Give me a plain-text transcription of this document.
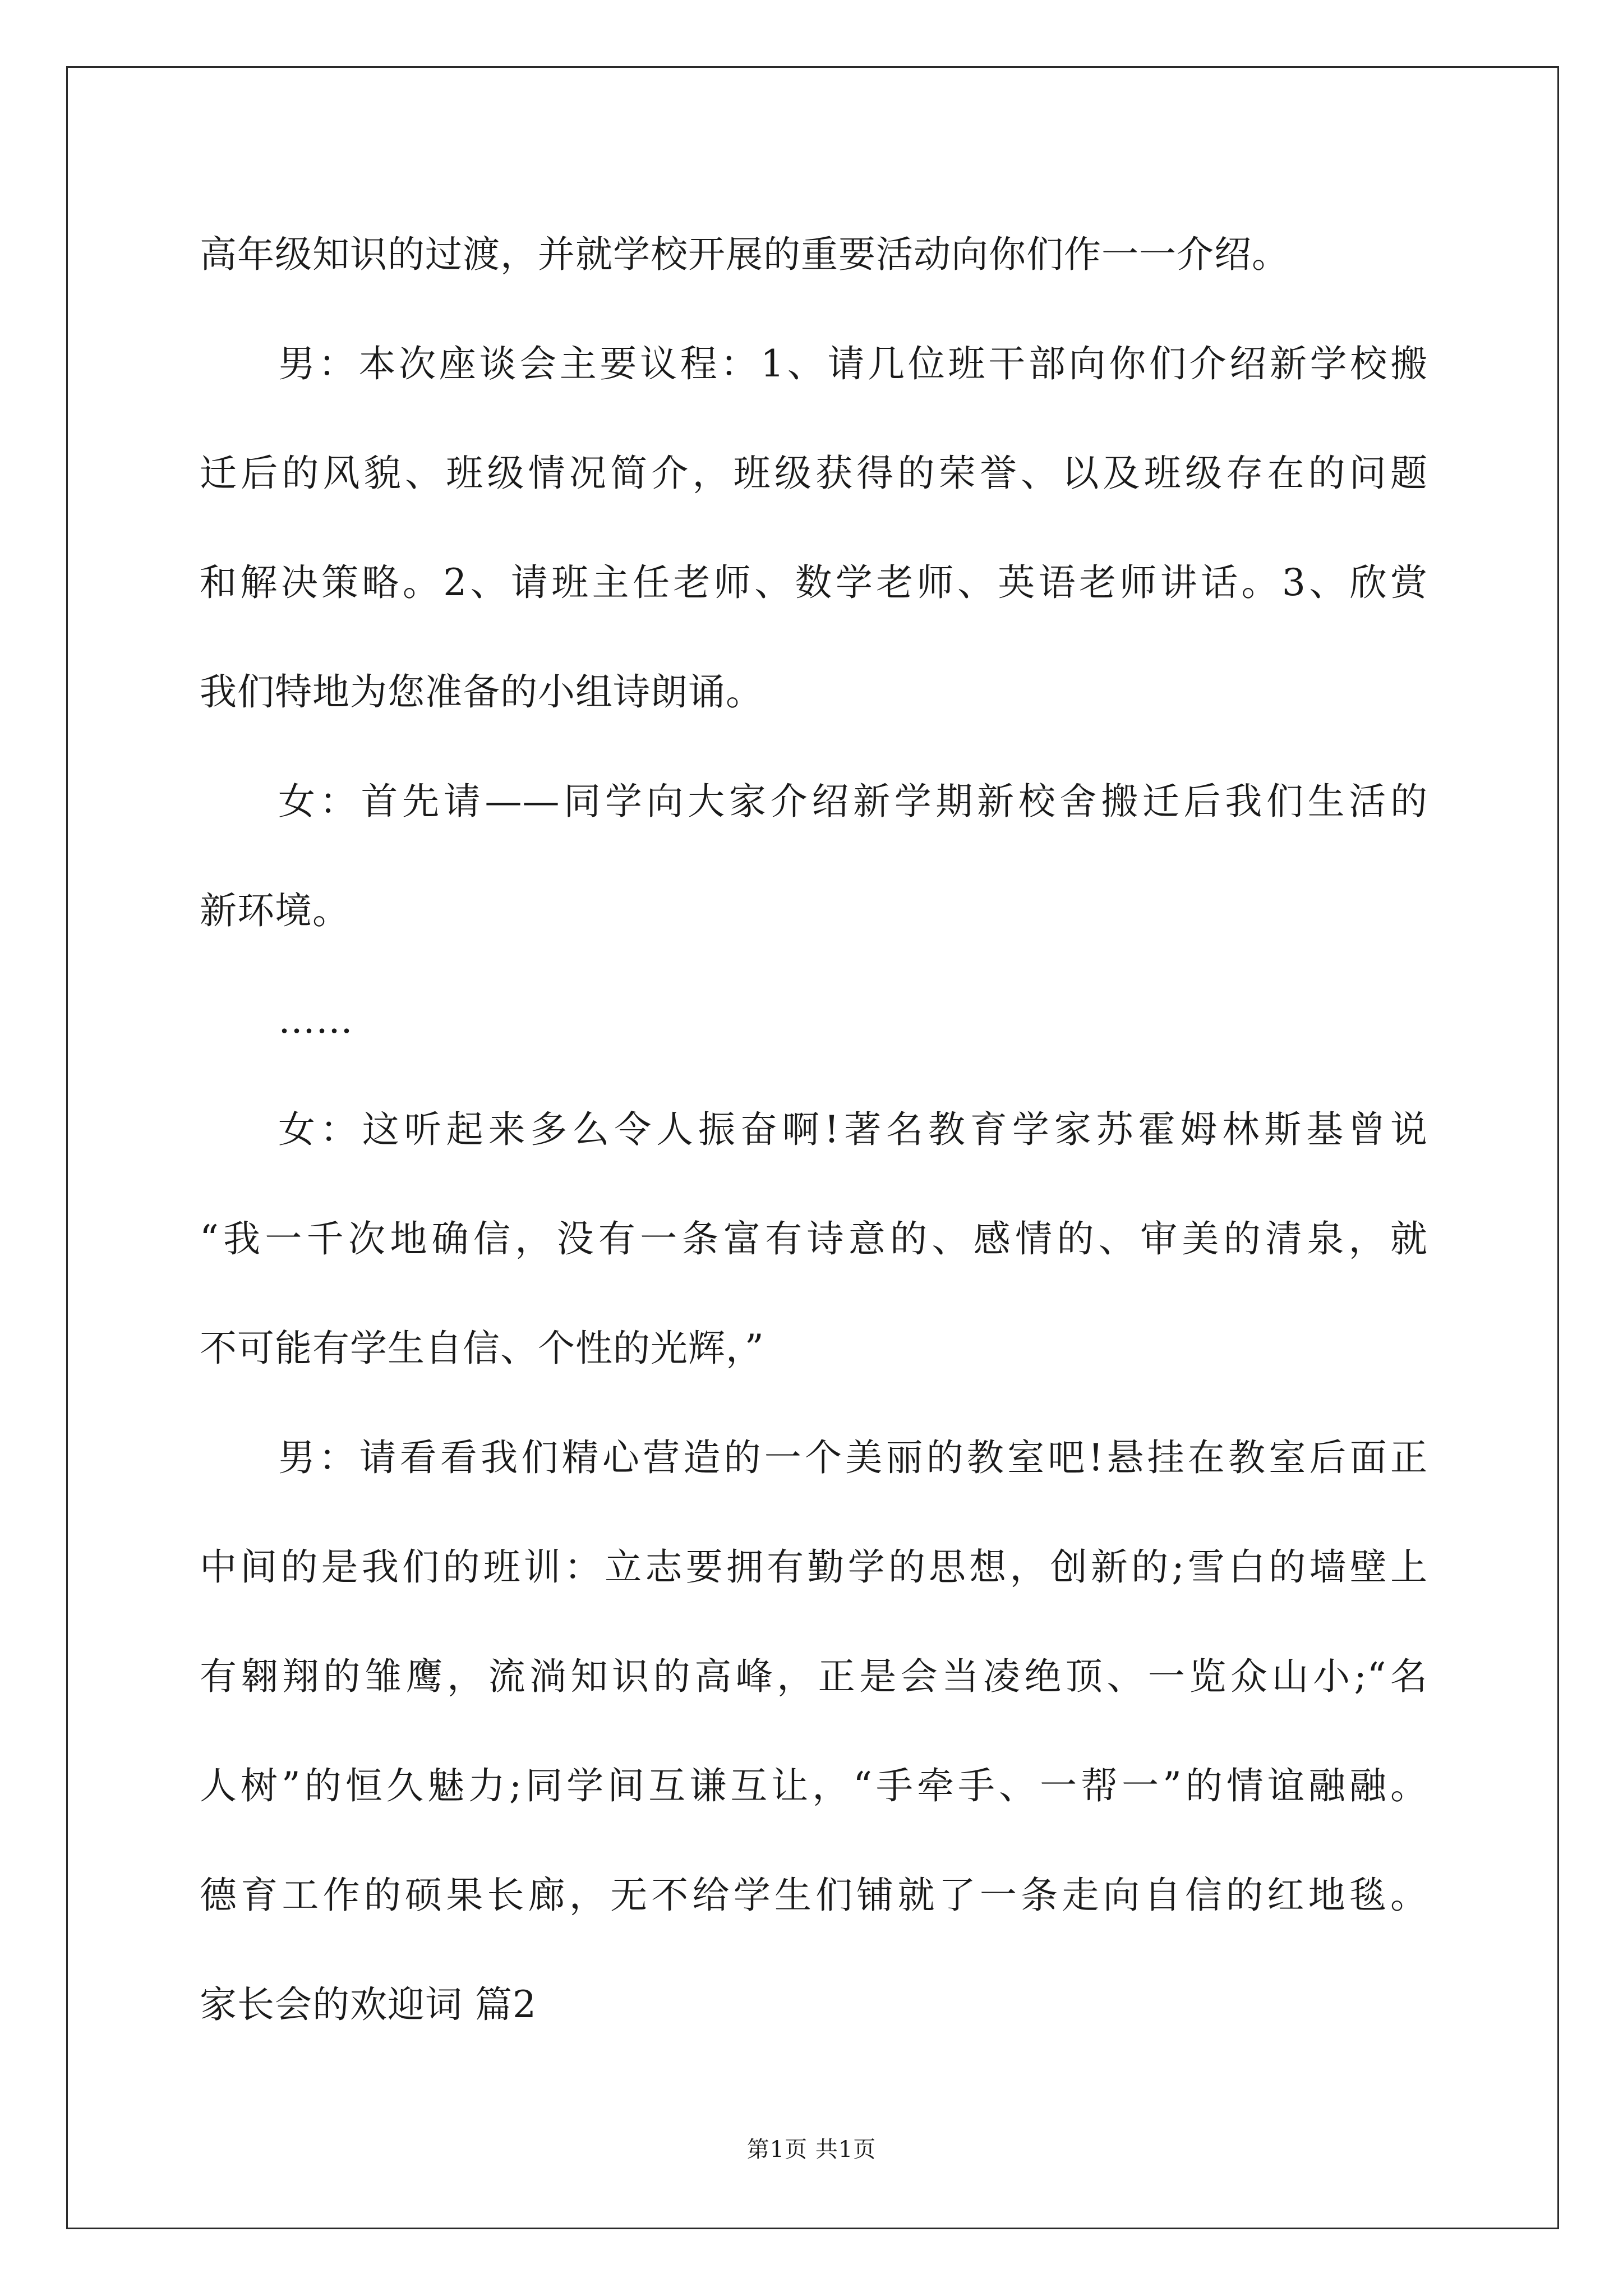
高年级知识的过渡，并就学校开展的重要活动向你们作一一介绍。
男：本次座谈会主要议程：1、请几位班干部向你们介绍新学校搬
迁后的风貌、班级情况简介，班级获得的荣誉、以及班级存在的问题
和解决策略。2、请班主任老师、数学老师、英语老师讲话。3、欣赏
我们特地为您准备的小组诗朗诵。
女：首先请——同学向大家介绍新学期新校舍搬迁后我们生活的
新环境。
……
女：这听起来多么令人振奋啊!著名教育学家苏霍姆林斯基曾说
“我一千次地确信，没有一条富有诗意的、感情的、审美的清泉，就
不可能有学生自信、个性的光辉，”
男：请看看我们精心营造的一个美丽的教室吧!悬挂在教室后面正
中间的是我们的班训：立志要拥有勤学的思想，创新的;雪白的墙壁上
有翱翔的雏鹰，流淌知识的高峰，正是会当凌绝顶、一览众山小;“名
人树”的恒久魅力;同学间互谦互让，“手牵手、一帮一”的情谊融融。
德育工作的硕果长廊，无不给学生们铺就了一条走向自信的红地毯。
家长会的欢迎词 篇2
第1页 共1页
